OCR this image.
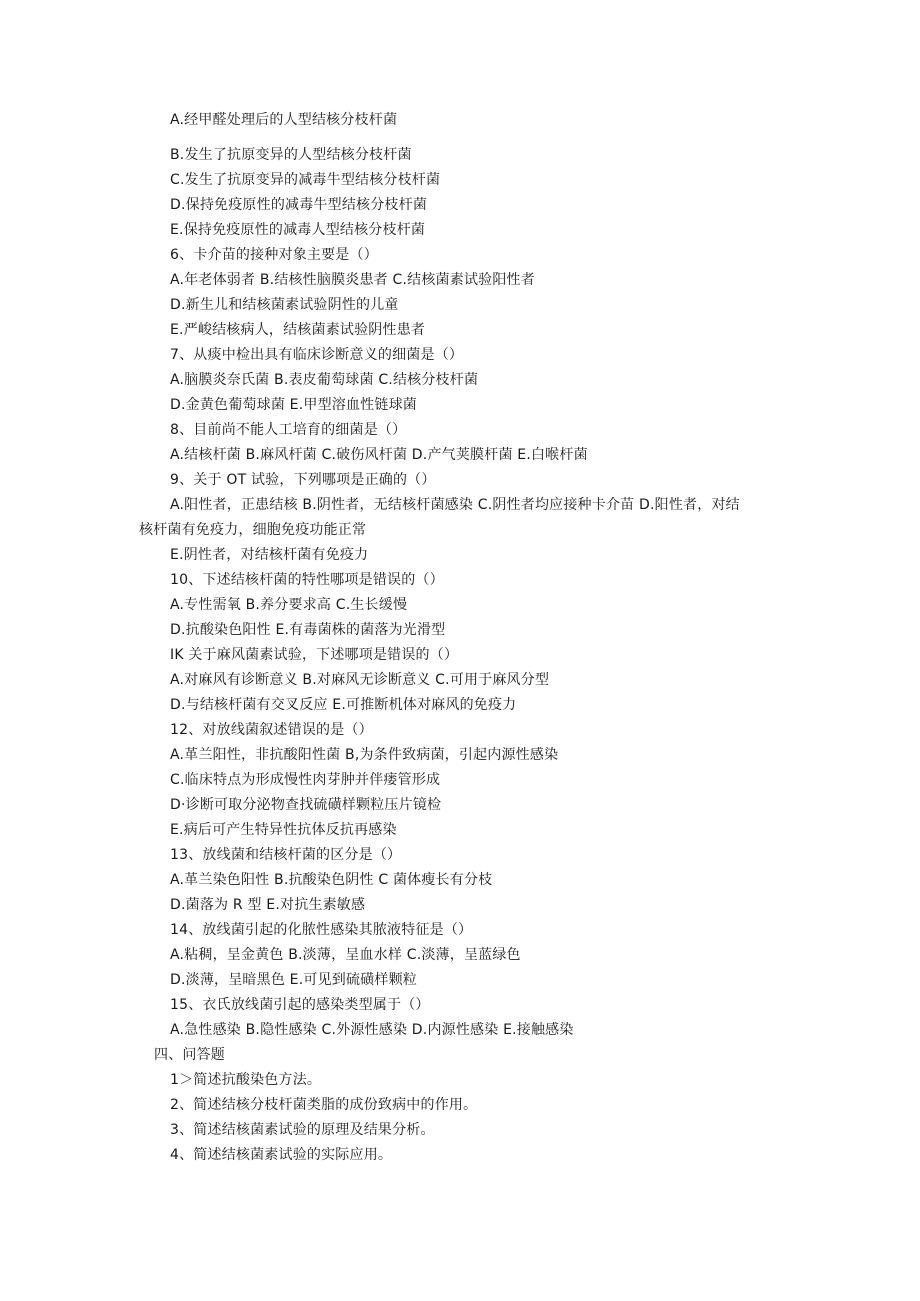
A.经甲醛处理后的人型结核分枝杆菌
B.发生了抗原变异的人型结核分枝杆菌
C.发生了抗原变异的减毒牛型结核分枝杆菌
D.保持免疫原性的减毒牛型结核分枝杆菌
E.保持免疫原性的减毒人型结核分枝杆菌
6、卡介苗的接种对象主要是（）
A.年老体弱者 B.结核性脑膜炎患者 C.结核菌素试验阳性者
D.新生儿和结核菌素试验阴性的儿童
E.严峻结核病人，结核菌素试验阴性患者
7、从痰中检出具有临床诊断意义的细菌是（）
A.脑膜炎奈氏菌 B.表皮葡萄球菌 C.结核分枝杆菌
D.金黄色葡萄球菌 E.甲型溶血性链球菌
8、目前尚不能人工培育的细菌是（）
A.结核杆菌 B.麻风杆菌 C.破伤风杆菌 D.产气荚膜杆菌 E.白喉杆菌
9、关于 OT 试验，下列哪项是正确的（）
A.阳性者，正患结核 B.阴性者，无结核杆菌感染 C.阴性者均应接种卡介苗 D.阳性者，对结
核杆菌有免疫力，细胞免疫功能正常
E.阴性者，对结核杆菌有免疫力
10、下述结核杆菌的特性哪项是错误的（）
A.专性需氧 B.养分要求高 C.生长缓慢
D.抗酸染色阳性 E.有毒菌株的菌落为光滑型
IK 关于麻风菌素试验，下述哪项是错误的（）
A.对麻风有诊断意义 B.对麻风无诊断意义 C.可用于麻风分型
D.与结核杆菌有交叉反应 E.可推断机体对麻风的免疫力
12、对放线菌叙述错误的是（）
A.革兰阳性，非抗酸阳性菌 B,为条件致病菌，引起内源性感染
C.临床特点为形成慢性肉芽肿并伴瘘管形成
D·诊断可取分泌物查找硫磺样颗粒压片镜检
E.病后可产生特异性抗体反抗再感染
13、放线菌和结核杆菌的区分是（）
A.革兰染色阳性 B.抗酸染色阴性 C 菌体瘦长有分枝
D.菌落为 R 型 E.对抗生素敏感
14、放线菌引起的化脓性感染其脓液特征是（）
A.粘稠，呈金黄色 B.淡薄，呈血水样 C.淡薄，呈蓝绿色
D.淡薄，呈暗黑色 E.可见到硫磺样颗粒
15、衣氏放线菌引起的感染类型属于（）
A.急性感染 B.隐性感染 C.外源性感染 D.内源性感染 E.接触感染
四、问答题
1＞简述抗酸染色方法。
2、简述结核分枝杆菌类脂的成份致病中的作用。
3、简述结核菌素试验的原理及结果分析。
4、简述结核菌素试验的实际应用。
